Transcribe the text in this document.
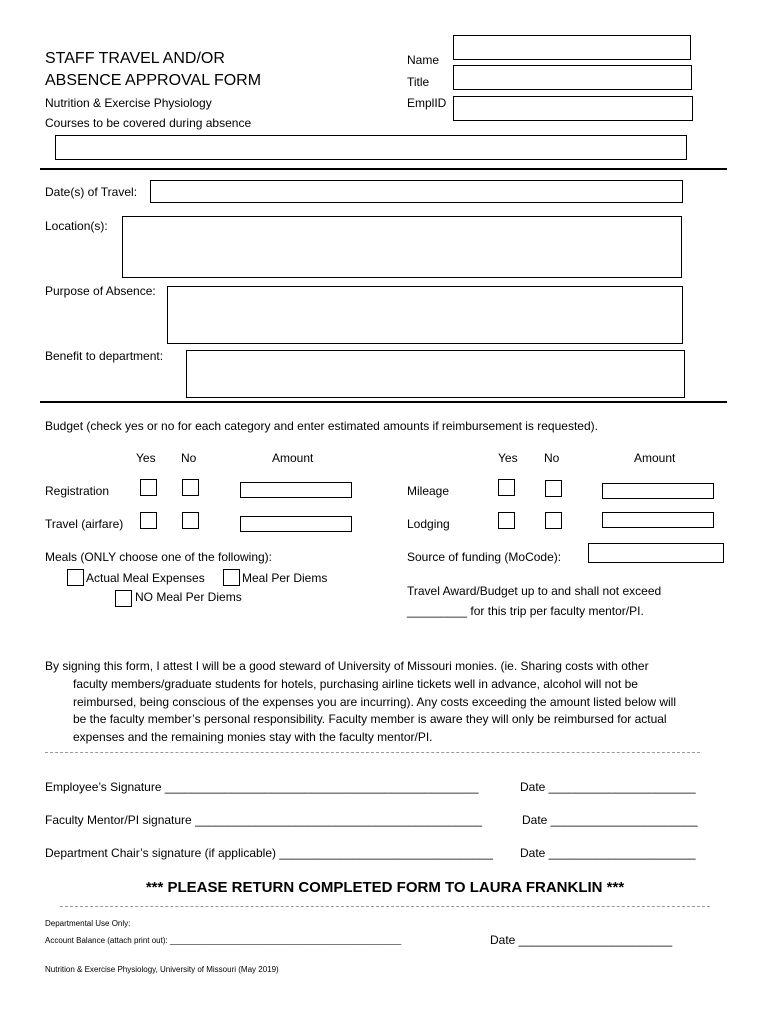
STAFF TRAVEL AND/OR
ABSENCE APPROVAL FORM
Nutrition & Exercise Physiology
Courses to be covered during absence
Name
Title
EmplID
Date(s) of Travel:
Location(s):
Purpose of Absence:
Benefit to department:
Budget (check yes or no for each category and enter estimated amounts if reimbursement is requested).
Yes No	Amount	Yes No	Amount
Registration	Mileage
Travel (airfare)	Lodging
Meals (ONLY choose one of the following):
Actual Meal Expenses	Meal Per Diems
NO Meal Per Diems
Source of funding (MoCode):
Travel Award/Budget up to and shall not exceed
_________ for this trip per faculty mentor/PI.
By signing this form, I attest I will be a good steward of University of Missouri monies. (ie. Sharing costs with other
faculty members/graduate students for hotels, purchasing airline tickets well in advance, alcohol will not be
reimbursed, being conscious of the expenses you are incurring). Any costs exceeding the amount listed below will
be the faculty member’s personal responsibility. Faculty member is aware they will only be reimbursed for actual
expenses and the remaining monies stay with the faculty mentor/PI.
Employee’s Signature _______________________________________________	Date ______________________
Faculty Mentor/PI signature ___________________________________________	Date ______________________
Department Chair’s signature (if applicable) ________________________________ Date ______________________
*** PLEASE RETURN COMPLETED FORM TO LAURA FRANKLIN ***
Departmental Use Only:
Account Balance (attach print out): ____________________________________________________	Date _______________________
Nutrition & Exercise Physiology, University of Missouri (May 2019)
